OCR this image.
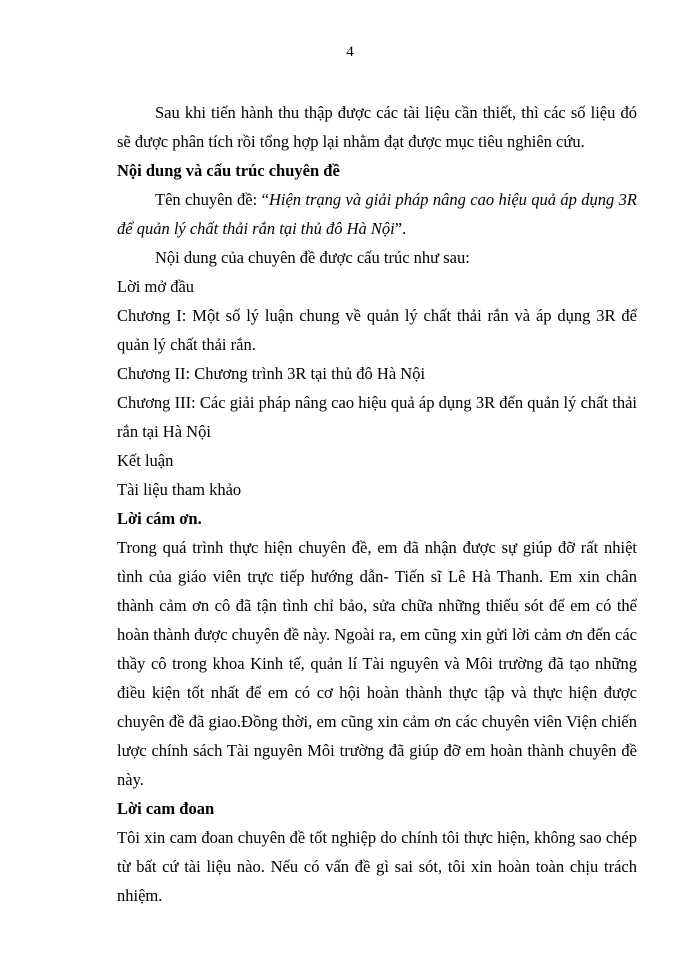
4

Sau khi tiến hành thu thập được các tài liệu cần thiết, thì các số liệu đó sẽ được phân tích rồi tổng hợp lại nhằm đạt được mục tiêu nghiên cứu.

Nội dung và cấu trúc chuyên đề

Tên chuyên đề: “Hiện trạng và giải pháp nâng cao hiệu quả áp dụng 3R để quản lý chất thải rắn tại thủ đô Hà Nội”.

Nội dung của chuyên đề được cấu trúc như sau:

Lời mở đầu

Chương I: Một số lý luận chung về quản lý chất thải rắn và áp dụng 3R để quản lý chất thải rắn.

Chương II: Chương trình 3R tại thủ đô Hà Nội

Chương III: Các giải pháp nâng cao hiệu quả áp dụng 3R đến quản lý chất thải rắn tại Hà Nội

Kết luận

Tài liệu tham khảo

Lời cám ơn.

Trong quá trình thực hiện chuyên đề, em đã nhận được sự giúp đỡ rất nhiệt tình của giáo viên trực tiếp hướng dẫn- Tiến sĩ Lê Hà Thanh. Em xin chân thành cảm ơn cô đã tận tình chỉ bảo, sửa chữa những thiếu sót để em có thể hoàn thành được chuyên đề này. Ngoài ra, em cũng xin gửi lời cảm ơn đến các thầy cô trong khoa Kinh tế, quản lí Tài nguyên và Môi trường đã tạo những điều kiện tốt nhất để em có cơ hội hoàn thành thực tập và thực hiện được chuyên đề đã giao.Đồng thời, em cũng xin cảm ơn các chuyên viên Viện chiến lược chính sách Tài nguyên Môi trường đã giúp đỡ em hoàn thành chuyên đề này.

Lời cam đoan

Tôi xin cam đoan chuyên đề tốt nghiệp do chính tôi thực hiện, không sao chép từ bất cứ tài liệu nào. Nếu có vấn đề gì sai sót, tôi xin hoàn toàn chịu trách nhiệm.
